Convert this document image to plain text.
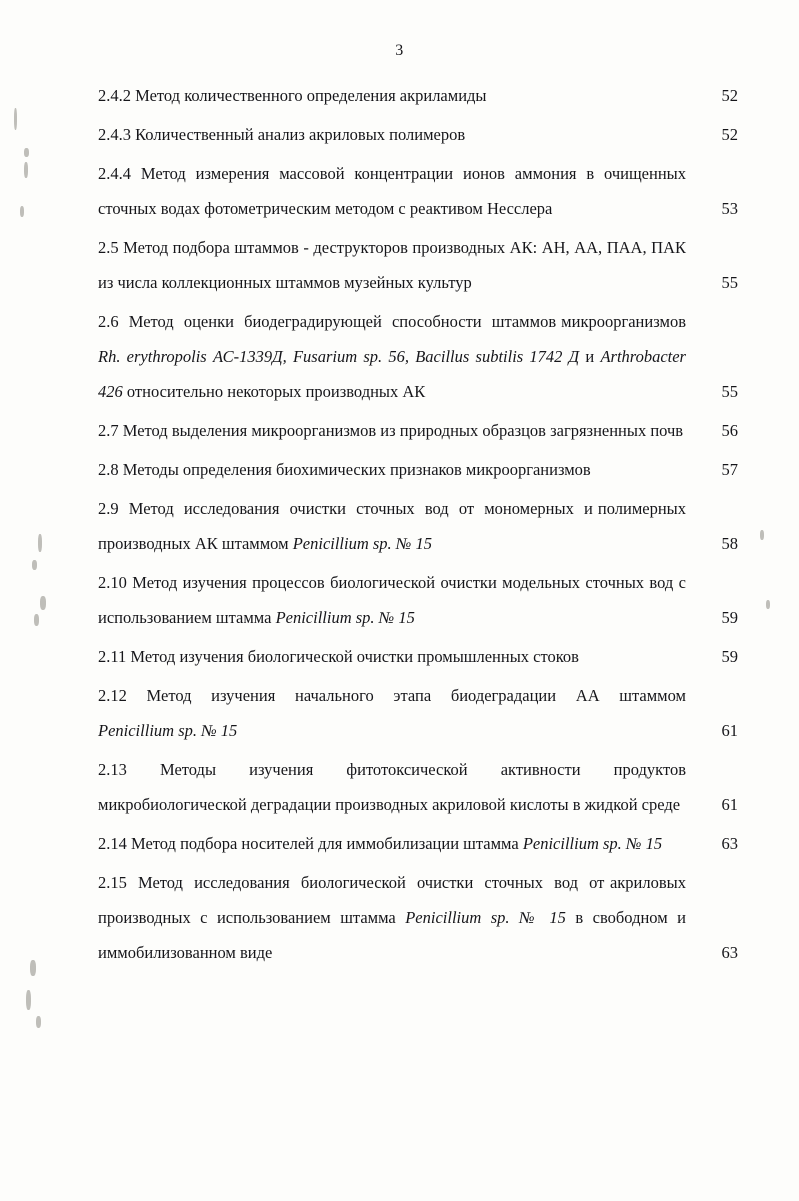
3
2.4.2 Метод количественного определения акриламиды	52
2.4.3 Количественный анализ акриловых полимеров	52
2.4.4 Метод измерения массовой концентрации ионов аммония в очищенных сточных водах фотометрическим методом с реактивом Несслера	53
2.5 Метод подбора штаммов - деструкторов производных АК: АН, АА, ПАА, ПАК из числа коллекционных штаммов музейных культур	55
2.6  Метод  оценки  биодеградирующей  способности  штаммов микроорганизмов Rh. erythropolis АС-1339Д, Fusarium sp. 56, Bacillus subtilis 1742 Д и Arthrobacter 426 относительно некоторых производных АК	55
2.7 Метод выделения микроорганизмов из природных образцов загрязненных почв	56
2.8 Методы определения биохимических признаков микроорганизмов	57
2.9  Метод  исследования  очистки  сточных  вод  от  мономерных  и полимерных производных АК штаммом Penicillium sp. № 15	58
2.10 Метод изучения процессов биологической очистки модельных сточных вод с использованием штамма Penicillium sp. № 15	59
2.11 Метод изучения биологической очистки промышленных стоков	59
2.12  Метод  изучения  начального  этапа  биодеградации  АА  штаммом Penicillium sp. № 15	61
2.13  Методы  изучения  фитотоксической  активности  продуктов микробиологической деградации производных акриловой кислоты в жидкой среде	61
2.14 Метод подбора носителей для иммобилизации штамма Penicillium sp. № 15	63
2.15  Метод  исследования  биологической  очистки  сточных  вод  от акриловых производных с использованием штамма Penicillium sp. № 15 в свободном и иммобилизованном виде	63
